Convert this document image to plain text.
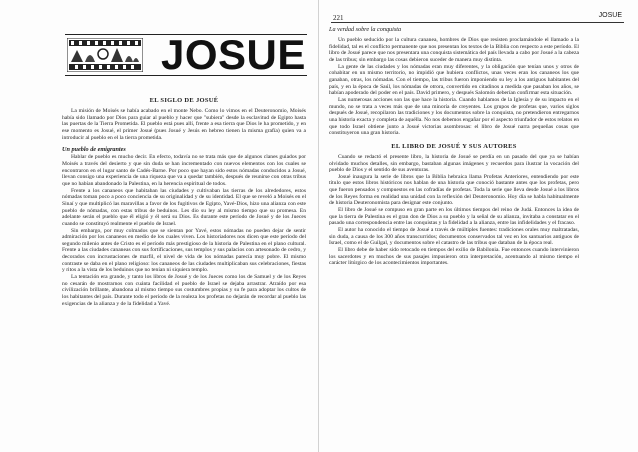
JOSUE
EL SIGLO DE JOSUÉ

La misión de Moisés se había acabado en el monte Nebo. Como lo vimos en el Deuteronomio, Moisés había sido llamado por Dios para guiar al pueblo y hacer que "subiera" desde la esclavitud de Egipto hasta las puertas de la Tierra Prometida. El pueblo está pues allí, frente a esa tierra que Dios le ha prometido, y en ese momento es Josué, el primer Josué (pues Josué y Jesús en hebreo tienen la misma grafía) quien va a introducir al pueblo en el la tierra prometida.

Un pueblo de emigrantes

Hablar de pueblo es mucho decir. En efecto, todavía no se trata más que de algunos clanes guiados por Moisés a través del desierto y que sin duda se han incrementado con nuevos elementos con los cuales se encontraron en el lugar santo de Cadés-Barne. Por poco que hayan sido estos nómadas conducidos a Josué, llevan consigo una experiencia de una riqueza que va a quedar también, después de reunirse con otras tribus que no habían abandonado la Palestina, en la herencia espiritual de todos.

Frente a los cananeos que habitaban las ciudades y cultivaban las tierras de los alrededores, estos nómadas toman poco a poco conciencia de su originalidad y de su identidad. El que se reveló a Moisés en el Sinaí y que multiplicó las maravillas a favor de los fugitivos de Egipto, Yavé-Dios, hizo una alianza con este pueblo de nómadas, con estas tribus de beduinos. Les dio su ley al mismo tiempo que su promesa. En adelante serán el pueblo que él eligió y él será su Dios. Es durante este período de Josué y de los Jueces cuando se constituyó realmente el pueblo de Israel.

Sin embargo, por muy colmados que se sientan por Yavé, estos nómadas no pueden dejar de sentir admiración por los cananeos en medio de los cuales viven. Los historiadores nos dicen que este período del segundo milenio antes de Cristo es el período más prestigioso de la historia de Palestina en el plano cultural. Frente a las ciudades cananeas con sus fortificaciones, sus templos y sus palacios con artesonado de cedro, y decorados con incrustaciones de marfil, el nivel de vida de los nómadas parecía muy pobre. El mismo contraste se daba en el plano religioso: los cananeos de las ciudades multiplicaban sus celebraciones, fiestas y ritos a la vista de los beduinos que no tenían ni siquiera templo.

La tentación era grande, y tanto los libros de Josué y de los Jueces como los de Samuel y de los Reyes no cesarán de mostrarnos con cuánta facilidad el pueblo de Israel se dejaba arrastrar. Atraído por esa civilización brillante, abandona al mismo tiempo sus costumbres propias y su fe para adoptar los cultos de los habitantes del país. Durante todo el período de la realeza los profetas no dejarán de recordar al pueblo las exigencias de la alianza y de la fidelidad a Yavé.

221	JOSUE
La verdad sobre la conquista

Un pueblo seducido por la cultura cananea, hombres de Dios que resisten proclamándole el llamado a la fidelidad, tal es el conflicto permanente que nos presentan los textos de la Biblia con respecto a este período. El libro de Josué parece que nos presentara una conquista sistemática del país llevada a cabo por Josué a la cabeza de las tribus; sin embargo las cosas debieron suceder de manera muy distinta.

La gente de las ciudades y los nómadas eran muy diferentes, y la obligación que tenían unos y otros de cohabitar en un mismo territorio, no impidió que hubiera conflictos, unas veces eran los cananeos los que ganaban, otras, los nómadas. Con el tiempo, las tribus fueron imponiendo su ley a los antiguos habitantes del país, y en la época de Saúl, los nómadas de otrora, convertido en citadinos a medida que pasaban los años, se habían apoderado del poder en el país. David primero, y después Salomón deberían confirmar esta situación.

Las numerosas acciones son las que hace la historia. Cuando hablamos de la Iglesia y de su impacto en el mundo, no se trata a veces más que de una minoría de creyentes. Los grupos de profetas que, varios siglos después de Josué, recopilaron las tradiciones y los documentos sobre la conquista, no pretendieron entregarnos una historia exacta y completa de aquélla. No nos debemos engañar por el aspecto triunfador de estos relatos en que todo Israel obtiene junto a Josué victorias asombrosas: el libro de Josué narra pequeñas cosas que constituyeron una gran historia.

EL LIBRO DE JOSUÉ Y SUS AUTORES

Cuando se redactó el presente libro, la historia de Josué se perdía en un pasado del que ya se habían olvidado muchos detalles, sin embargo, bastaban algunas imágenes y recuerdos para ilustrar la vocación del pueblo de Dios y el sentido de sus aventuras.

Josué inaugura la serie de libros que la Biblia hebraica llama Profetas Anteriores, entendiendo por este título que estos libros históricos nos hablan de una historia que conoció bastante antes que los profetas, pero que fueron pensados y compuestos en las cofradías de profetas. Toda la serie que lleva desde Josué a los libros de los Reyes forma en realidad una unidad con la reflexión del Deuteronomio. Hoy día se habla habitualmente de historia Deuteronomista para designar este conjunto.

El libro de Josué se compuso en gran parte en los últimos tiempos del reino de Judá. Entonces la idea de que la tierra de Palestina es el gran don de Dios a su pueblo y la señal de su alianza, invitaba a constatar en el pasado una correspondencia entre las conquistas y la fidelidad a la alianza, entre las infidelidades y el fracaso.

El autor ha conocido el tiempo de Josué a través de múltiples fuentes: tradiciones orales muy maltratadas, sin duda, a causa de los 300 años transcurridos; documentos conservados tal vez en los santuarios antiguos de Israel, como el de Guilgal, y documentos sobre el catastro de las tribus que databan de la época real.

El libro debe de haber sido retocado en tiempos del exilio de Babilonia. Fue entonces cuando intervinieron los sacerdotes y en muchos de sus pasajes impusieron otra interpretación, acentuando al mismo tiempo el carácter litúrgico de los acontecimientos importantes.
